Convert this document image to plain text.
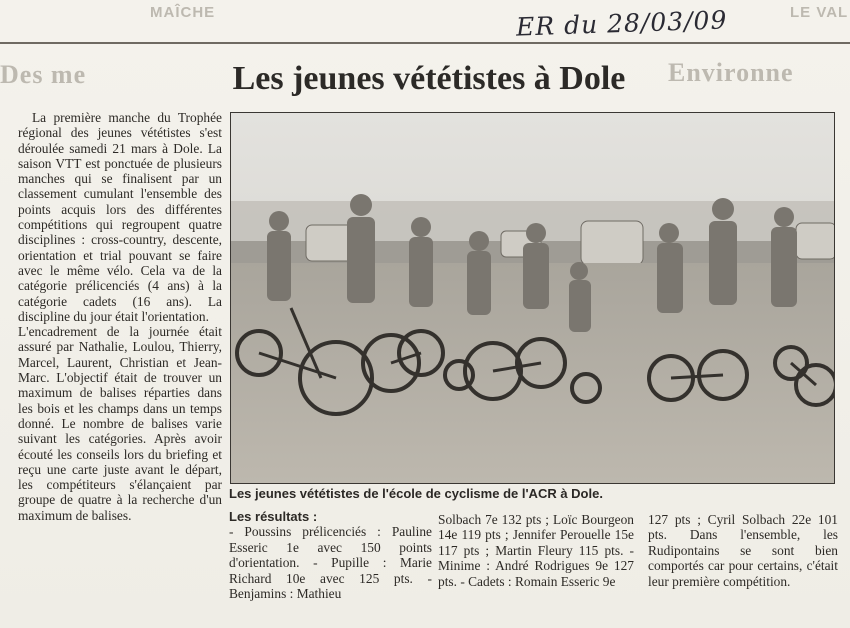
MAÎCHE	LE VAL
Des me	Environne
ER du 28/03/09
Les jeunes vététistes à Dole

La première manche du Trophée régional des jeunes vététistes s'est déroulée samedi 21 mars à Dole. La saison VTT est ponctuée de plusieurs manches qui se finalisent par un classement cumulant l'ensemble des points acquis lors des différentes compétitions qui regroupent quatre disciplines : cross-country, descente, orientation et trial pouvant se faire avec le même vélo. Cela va de la catégorie prélicenciés (4 ans) à la catégorie cadets (16 ans). La discipline du jour était l'orientation.

L'encadrement de la journée était assuré par Nathalie, Loulou, Thierry, Marcel, Laurent, Christian et Jean-Marc. L'objectif était de trouver un maximum de balises réparties dans les bois et les champs dans un temps donné. Le nombre de balises varie suivant les catégories. Après avoir écouté les conseils lors du briefing et reçu une carte juste avant le départ, les compétiteurs s'élançaient par groupe de quatre à la recherche d'un maximum de balises.

Les jeunes vététistes de l'école de cyclisme de l'ACR à Dole.
Les résultats :
- Poussins prélicenciés : Pauline Esseric 1e avec 150 points d'orientation. - Pupille : Marie Richard 10e avec 125 pts. - Benjamins : Mathieu
Solbach 7e 132 pts ; Loïc Bourgeon 14e 119 pts ; Jennifer Perouelle 15e 117 pts ; Martin Fleury 115 pts. - Minime : André Rodrigues 9e 127 pts. - Cadets : Romain Esseric 9e
127 pts ; Cyril Solbach 22e 101 pts. Dans l'ensemble, les Rudipontains se sont bien comportés car pour certains, c'était leur première compétition.
